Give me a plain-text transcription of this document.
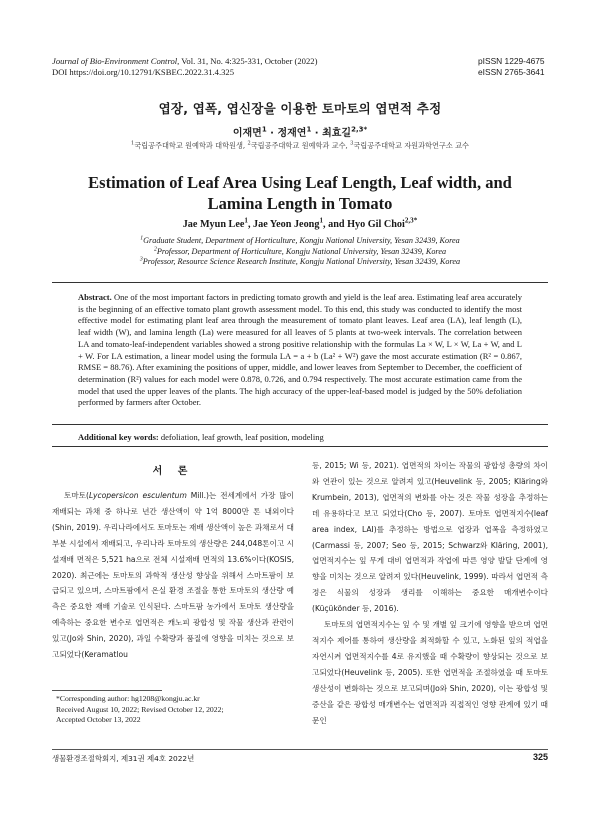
Journal of Bio-Environment Control, Vol. 31, No. 4:325-331, October (2022)
DOI https://doi.org/10.12791/KSBEC.2022.31.4.325
pISSN 1229-4675
eISSN 2765-3641
엽장, 엽폭, 엽신장을 이용한 토마토의 엽면적 추정
이재면$^1$ · 정재연$^1$ · 최효길$^{2,3*}$
$^1$국립공주대학교 원예학과 대학원생, $^2$국립공주대학교 원예학과 교수, $^3$국립공주대학교 자원과학연구소 교수
Estimation of Leaf Area Using Leaf Length, Leaf width, and Lamina Length in Tomato
Jae Myun Lee$^1$, Jae Yeon Jeong$^1$, and Hyo Gil Choi$^{2,3*}$
$^1$Graduate Student, Department of Horticulture, Kongju National University, Yesan 32439, Korea
$^2$Professor, Department of Horticulture, Kongju National University, Yesan 32439, Korea
$^3$Professor, Resource Science Research Institute, Kongju National University, Yesan 32439, Korea
Abstract. One of the most important factors in predicting tomato growth and yield is the leaf area. Estimating leaf area accurately is the beginning of an effective tomato plant growth assessment model. To this end, this study was conducted to identify the most effective model for estimating plant leaf area through the measurement of tomato plant leaves. Leaf area (LA), leaf length (L), leaf width (W), and lamina length (La) were measured for all leaves of 5 plants at two-week intervals. The correlation between LA and tomato-leaf-independent variables showed a strong positive relationship with the formulas La × W, L × W, La + W, and L + W. For LA estimation, a linear model using the formula LA = a + b (La² + W²) gave the most accurate estimation (R² = 0.867, RMSE = 88.76). After examining the positions of upper, middle, and lower leaves from September to December, the coefficient of determination (R²) values for each model were 0.878, 0.726, and 0.794 respectively. The most accurate estimation came from the model that used the upper leaves of the plants. The high accuracy of the upper-leaf-based model is judged by the 50% defoliation performed by farmers after October.
Additional key words: defoliation, leaf growth, leaf position, modeling
서 론

토마토(Lycopersicon esculentum Mill.)는 전세계에서 가장 많이 재배되는 과채 중 하나로 년간 생산액이 약 1억 8000만 톤 내외이다(Shin, 2019). 우리나라에서도 토마토는 재배 생산액이 높은 과채로서 대부분 시설에서 재배되고, 우리나라 토마토의 생산량은 244,048톤이고 시설재배 면적은 5,521 ha으로 전체 시설재배 면적의 13.6%이다(KOSIS, 2020). 최근에는 토마토의 과학적 생산성 향상을 위해서 스마트팜이 보급되고 있으며, 스마트팜에서 온실 환경 조절을 통한 토마토의 생산량 예측은 중요한 재배 기술로 인식된다. 스마트팜 농가에서 토마토 생산량을 예측하는 중요한 변수로 엽면적은 캐노피 광합성 및 작물 생산과 관련이 있고(Jo와 Shin, 2020), 과일 수확량과 품질에 영향을 미치는 것으로 보고되었다(Keramatlou

등, 2015; Wi 등, 2021). 엽면적의 차이는 작물의 광합성 총량의 차이와 연관이 있는 것으로 알려져 있고(Heuvelink 등, 2005; Kläring와 Krumbein, 2013), 엽면적의 변화를 아는 것은 작물 성장을 추정하는 데 유용하다고 보고 되었다(Cho 등, 2007). 토마토 엽면적지수(leaf area index, LAI)를 추정하는 방법으로 엽장과 엽폭을 측정하였고(Carmassi 등, 2007; Seo 등, 2015; Schwarz와 Kläring, 2001), 엽면적지수는 잎 무게 대비 엽면적과 작엽에 따른 영양 발달 단계에 영향을 미치는 것으로 알려져 있다(Heuvelink, 1999). 따라서 엽면적 측정은 식물의 성장과 생리를 이해하는 중요한 매개변수이다(Küçükönder 등, 2016).

토마토의 엽면적지수는 잎 수 및 개별 잎 크기에 영향을 받으며 엽면적지수 제어를 통하여 생산량을 최적화할 수 있고, 노화된 잎의 적엽을 자연시켜 엽면적지수를 4로 유지했을 때 수확량이 향상되는 것으로 보고되었다(Heuvelink 등, 2005). 또한 엽면적을 조절하였을 때 토마토 생산성이 변화하는 것으로 보고되며(Jo와 Shin, 2020), 이는 광합성 및 증산을 같은 광합성 매개변수는 엽면적과 직접적인 영향 관계에 있기 때문인

*Corresponding author: hg1208@kongju.ac.kr
Received August 10, 2022; Revised October 12, 2022;
Accepted October 13, 2022
생물환경조절학회지, 제31권 제4호 2022년	325
